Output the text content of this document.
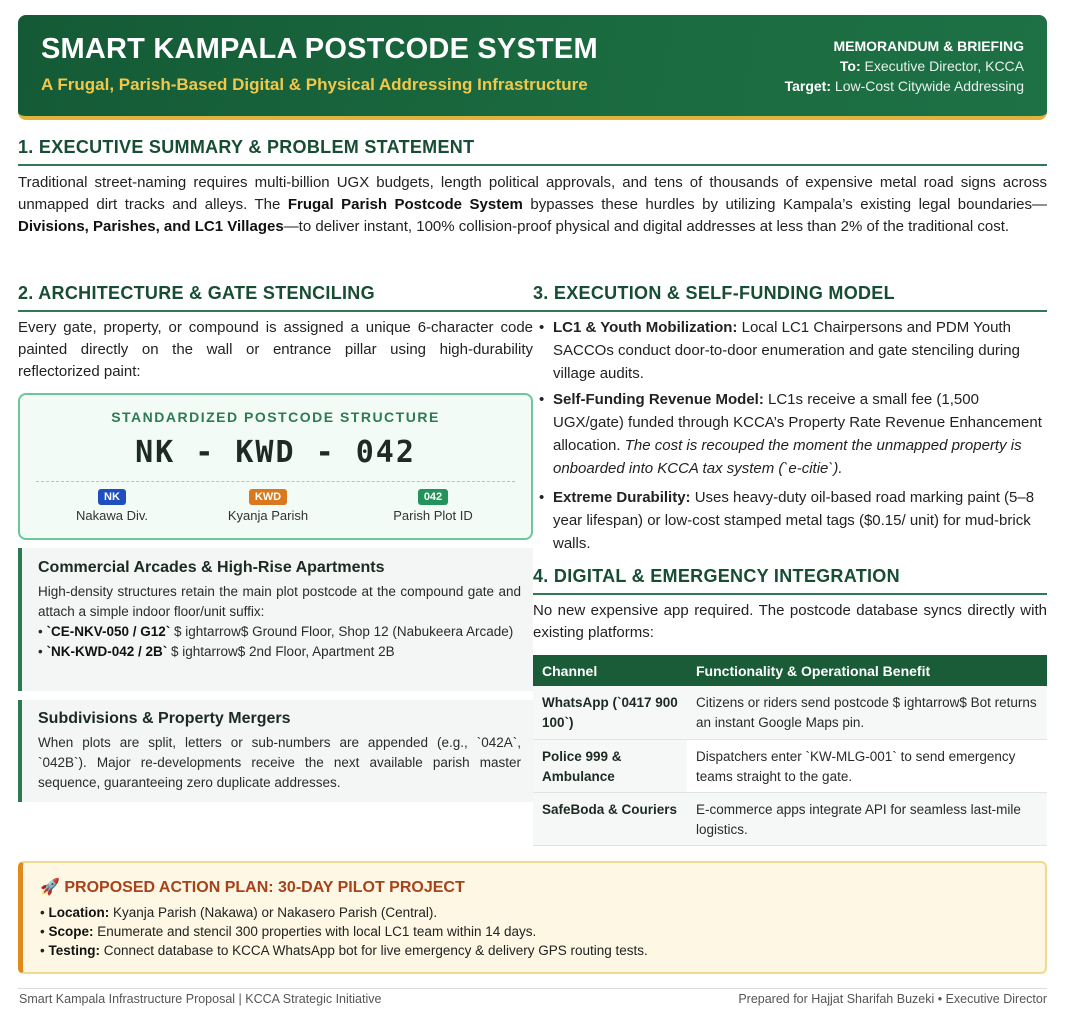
SMART KAMPALA POSTCODE SYSTEM
A Frugal, Parish-Based Digital & Physical Addressing Infrastructure
MEMORANDUM & BRIEFING
To: Executive Director, KCCA
Target: Low-Cost Citywide Addressing
1. EXECUTIVE SUMMARY & PROBLEM STATEMENT
Traditional street-naming requires multi-billion UGX budgets, length political approvals, and tens of thousands of expensive metal road signs across unmapped dirt tracks and alleys. The Frugal Parish Postcode System bypasses these hurdles by utilizing Kampala’s existing legal boundaries—Divisions, Parishes, and LC1 Villages—to deliver instant, 100% collision-proof physical and digital addresses at less than 2% of the traditional cost.
2. ARCHITECTURE & GATE STENCILING
Every gate, property, or compound is assigned a unique 6-character code painted directly on the wall or entrance pillar using high-durability reflectorized paint:
STANDARDIZED POSTCODE STRUCTURE
NK - KWD - 042
NK
Nakawa Div.
KWD
Kyanja Parish
042
Parish Plot ID
Commercial Arcades & High-Rise Apartments
High-density structures retain the main plot postcode at the compound gate and attach a simple indoor floor/unit suffix:
• `CE-NKV-050 / G12` $ ightarrow$ Ground Floor, Shop 12 (Nabukeera Arcade)
• `NK-KWD-042 / 2B` $ ightarrow$ 2nd Floor, Apartment 2B
Subdivisions & Property Mergers
When plots are split, letters or sub-numbers are appended (e.g., `042A`, `042B`). Major re-developments receive the next available parish master sequence, guaranteeing zero duplicate addresses.
3. EXECUTION & SELF-FUNDING MODEL
• LC1 & Youth Mobilization: Local LC1 Chairpersons and PDM Youth SACCOs conduct door-to-door enumeration and gate stenciling during village audits.
• Self-Funding Revenue Model: LC1s receive a small fee (1,500 UGX/gate) funded through KCCA’s Property Rate Revenue Enhancement allocation. The cost is recouped the moment the unmapped property is onboarded into KCCA tax system (`e-citie`).
• Extreme Durability: Uses heavy-duty oil-based road marking paint (5–8 year lifespan) or low-cost stamped metal tags ($0.15/ unit) for mud-brick walls.
4. DIGITAL & EMERGENCY INTEGRATION
No new expensive app required. The postcode database syncs directly with existing platforms:
Channel	Functionality & Operational Benefit
WhatsApp (`0417 900 100`)	Citizens or riders send postcode $ ightarrow$ Bot returns an instant Google Maps pin.
Police 999 & Ambulance	Dispatchers enter `KW-MLG-001` to send emergency teams straight to the gate.
SafeBoda & Couriers	E-commerce apps integrate API for seamless last-mile logistics.
🚀 PROPOSED ACTION PLAN: 30-DAY PILOT PROJECT
• Location: Kyanja Parish (Nakawa) or Nakasero Parish (Central).
• Scope: Enumerate and stencil 300 properties with local LC1 team within 14 days.
• Testing: Connect database to KCCA WhatsApp bot for live emergency & delivery GPS routing tests.
Smart Kampala Infrastructure Proposal | KCCA Strategic Initiative	Prepared for Hajjat Sharifah Buzeki • Executive Director
